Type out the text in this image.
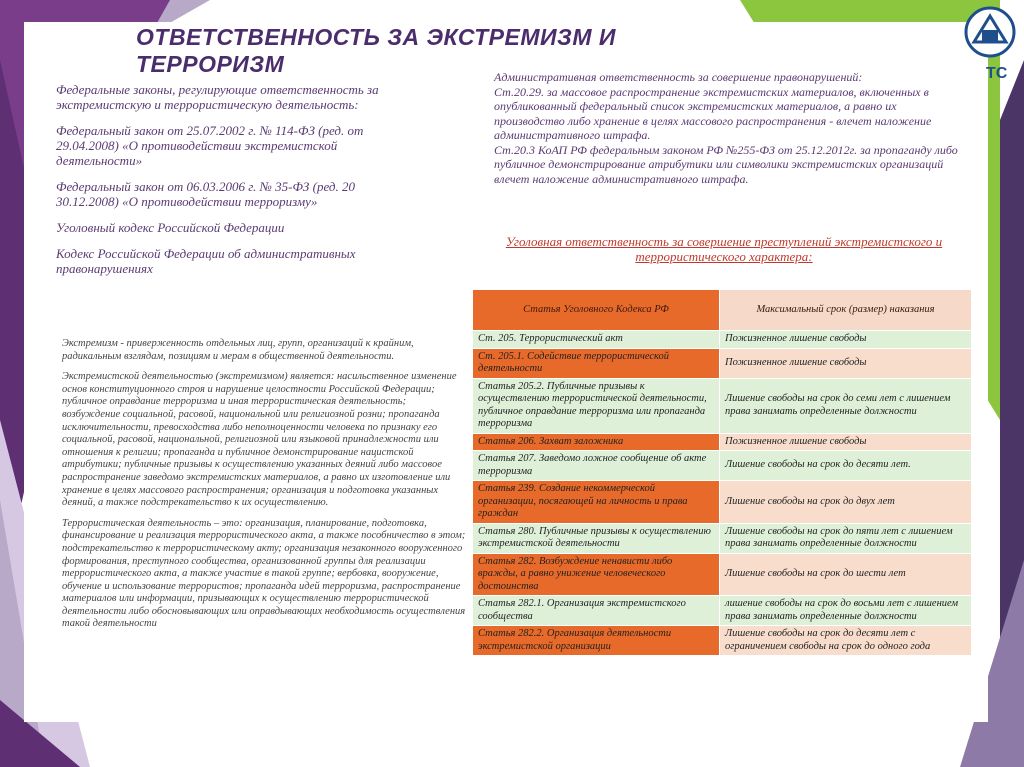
ОТВЕТСТВЕННОСТЬ ЗА ЭКСТРЕМИЗМ И ТЕРРОРИЗМ

Федеральные законы, регулирующие ответственность за экстремистскую и террористическую деятельность:

Федеральный закон от 25.07.2002 г. № 114-ФЗ (ред. от 29.04.2008) «О противодействии экстремистской деятельности»

Федеральный закон от 06.03.2006 г. № 35-ФЗ (ред. 20 30.12.2008) «О противодействии терроризму»

Уголовный кодекс Российской Федерации

Кодекс Российской Федерации об административных правонарушениях

Экстремизм - приверженность отдельных лиц, групп, организаций к крайним, радикальным взглядам, позициям и мерам в общественной деятельности.

Экстремистской деятельностью (экстремизмом) является: насильственное изменение основ конституционного строя и нарушение целостности Российской Федерации; публичное оправдание терроризма и иная террористическая деятельность; возбуждение социальной, расовой, национальной или религиозной розни; пропаганда исключительности, превосходства либо неполноценности человека по признаку его социальной, расовой, национальной, религиозной или языковой принадлежности или отношения к религии; пропаганда и публичное демонстрирование нацистской атрибутики; публичные призывы к осуществлению указанных деяний либо массовое распространение заведомо экстремистских материалов, а равно их изготовление или хранение в целях массового распространения; организация и подготовка указанных деяний, а также подстрекательство к их осуществлению.

Террористическая деятельность – это: организация, планирование, подготовка, финансирование и реализация террористического акта, а также пособничество в этом; подстрекательство к террористическому акту; организация незаконного вооруженного формирования, преступного сообщества, организованной группы для реализации террористического акта, а также участие в такой группе; вербовка, вооружение, обучение и использование террористов; пропаганда идей терроризма, распространение материалов или информации, призывающих к осуществлению террористической деятельности либо обосновывающих или оправдывающих необходимость осуществления такой деятельности

Административная ответственность за совершение правонарушений:

Ст.20.29. за массовое распространение экстремистских материалов, включенных в опубликованный федеральный список экстремистских материалов, а равно их производство либо хранение в целях массового распространения - влечет наложение административного штрафа.

Ст.20.3 КоАП РФ федеральным законом РФ №255-ФЗ от 25.12.2012г. за пропаганду либо публичное демонстрирование атрибутики или символики экстремистских организаций влечет наложение административного штрафа.

Уголовная ответственность за совершение преступлений экстремистского и террористического характера:

Статья Уголовного Кодекса РФ	Максимальный срок (размер) наказания
Ст. 205. Террористический акт	Пожизненное лишение свободы
Ст. 205.1. Содействие террористической деятельности	Пожизненное лишение свободы
Статья 205.2. Публичные призывы к осуществлению террористической деятельности, публичное оправдание терроризма или пропаганда терроризма	Лишение свободы на срок до семи лет с лишением права занимать определенные должности
Статья 206. Захват заложника	Пожизненное лишение свободы
Статья 207. Заведомо ложное сообщение об акте терроризма	Лишение свободы на срок до десяти лет.
Статья 239. Создание некоммерческой организации, посягающей на личность и права граждан	Лишение свободы на срок до двух лет
Статья 280. Публичные призывы к осуществлению экстремистской деятельности	Лишение свободы на срок до пяти лет с лишением права занимать определенные должности
Статья 282. Возбуждение ненависти либо вражды, а равно унижение человеческого достоинства	Лишение свободы на срок до шести лет
Статья 282.1. Организация экстремистского сообщества	лишение свободы на срок до восьми лет с лишением права занимать определенные должности
Статья 282.2. Организация деятельности экстремистской организации	Лишение свободы на срок до десяти лет с ограничением свободы на срок до одного года
ТС
